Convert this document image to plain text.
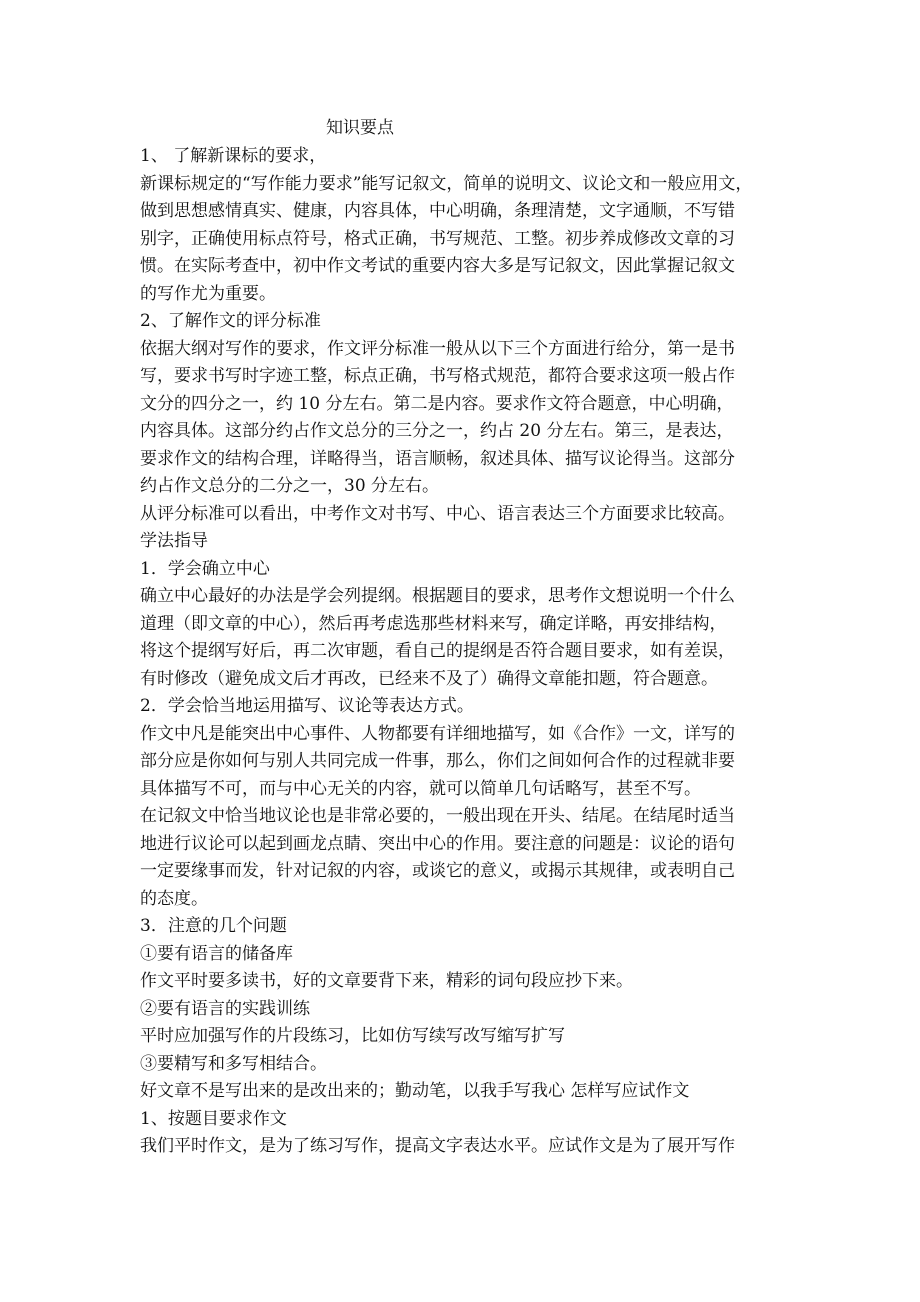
知识要点
1、 了解新课标的要求，
新课标规定的“写作能力要求”能写记叙文，简单的说明文、议论文和一般应用文，
做到思想感情真实、健康，内容具体，中心明确，条理清楚，文字通顺，不写错
别字，正确使用标点符号，格式正确，书写规范、工整。初步养成修改文章的习
惯。在实际考查中，初中作文考试的重要内容大多是写记叙文，因此掌握记叙文
的写作尤为重要。
2、了解作文的评分标准
依据大纲对写作的要求，作文评分标准一般从以下三个方面进行给分，第一是书
写，要求书写时字迹工整，标点正确，书写格式规范，都符合要求这项一般占作
文分的四分之一，约 10 分左右。第二是内容。要求作文符合题意，中心明确，
内容具体。这部分约占作文总分的三分之一，约占 20 分左右。第三，是表达，
要求作文的结构合理，详略得当，语言顺畅，叙述具体、描写议论得当。这部分
约占作文总分的二分之一，30 分左右。
从评分标准可以看出，中考作文对书写、中心、语言表达三个方面要求比较高。
学法指导
1．学会确立中心
确立中心最好的办法是学会列提纲。根据题目的要求，思考作文想说明一个什么
道理（即文章的中心），然后再考虑选那些材料来写，确定详略，再安排结构，
将这个提纲写好后，再二次审题，看自己的提纲是否符合题目要求，如有差误，
有时修改（避免成文后才再改，已经来不及了）确得文章能扣题，符合题意。
2．学会恰当地运用描写、议论等表达方式。
作文中凡是能突出中心事件、人物都要有详细地描写，如《合作》一文，详写的
部分应是你如何与别人共同完成一件事，那么，你们之间如何合作的过程就非要
具体描写不可，而与中心无关的内容，就可以简单几句话略写，甚至不写。
在记叙文中恰当地议论也是非常必要的，一般出现在开头、结尾。在结尾时适当
地进行议论可以起到画龙点睛、突出中心的作用。要注意的问题是：议论的语句
一定要缘事而发，针对记叙的内容，或谈它的意义，或揭示其规律，或表明自己
的态度。
3．注意的几个问题
①要有语言的储备库
作文平时要多读书，好的文章要背下来，精彩的词句段应抄下来。
②要有语言的实践训练
平时应加强写作的片段练习，比如仿写续写改写缩写扩写
③要精写和多写相结合。
好文章不是写出来的是改出来的；勤动笔，以我手写我心 怎样写应试作文
1、按题目要求作文
我们平时作文，是为了练习写作，提高文字表达水平。应试作文是为了展开写作
